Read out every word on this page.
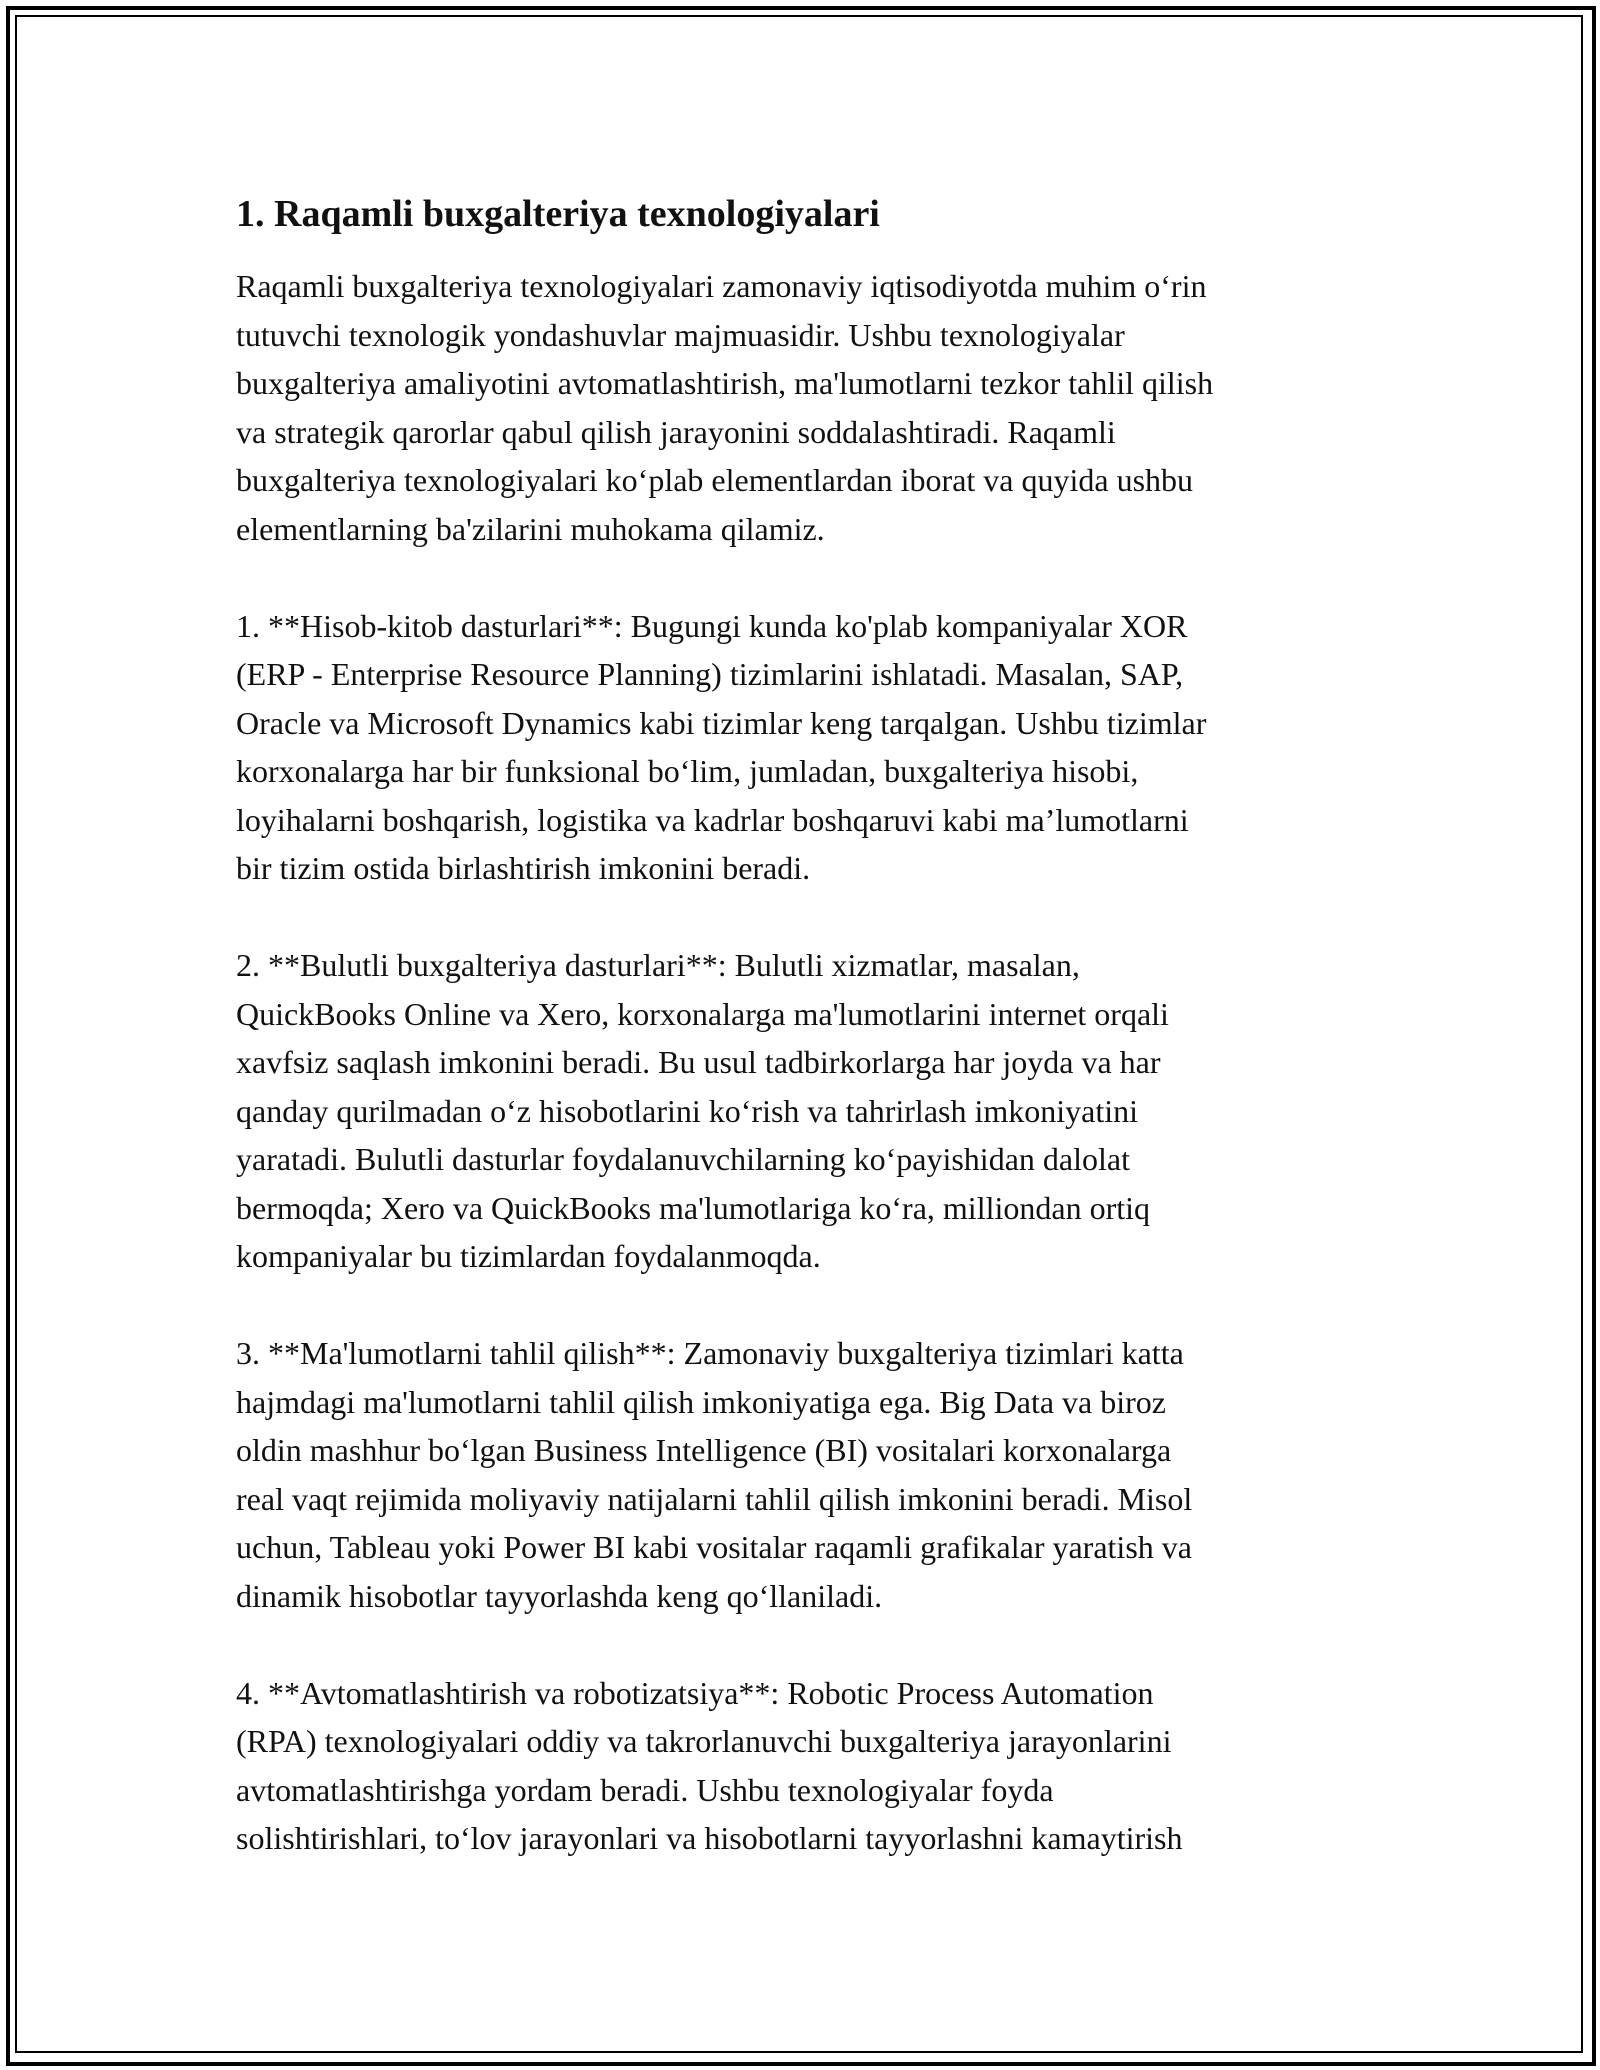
1. Raqamli buxgalteriya texnologiyalari
Raqamli buxgalteriya texnologiyalari zamonaviy iqtisodiyotda muhim o‘rin
tutuvchi texnologik yondashuvlar majmuasidir. Ushbu texnologiyalar
buxgalteriya amaliyotini avtomatlashtirish, ma'lumotlarni tezkor tahlil qilish
va strategik qarorlar qabul qilish jarayonini soddalashtiradi. Raqamli
buxgalteriya texnologiyalari ko‘plab elementlardan iborat va quyida ushbu
elementlarning ba'zilarini muhokama qilamiz.
1. **Hisob-kitob dasturlari**: Bugungi kunda ko'plab kompaniyalar XOR
(ERP - Enterprise Resource Planning) tizimlarini ishlatadi. Masalan, SAP,
Oracle va Microsoft Dynamics kabi tizimlar keng tarqalgan. Ushbu tizimlar
korxonalarga har bir funksional bo‘lim, jumladan, buxgalteriya hisobi,
loyihalarni boshqarish, logistika va kadrlar boshqaruvi kabi ma’lumotlarni
bir tizim ostida birlashtirish imkonini beradi.
2. **Bulutli buxgalteriya dasturlari**: Bulutli xizmatlar, masalan,
QuickBooks Online va Xero, korxonalarga ma'lumotlarini internet orqali
xavfsiz saqlash imkonini beradi. Bu usul tadbirkorlarga har joyda va har
qanday qurilmadan o‘z hisobotlarini ko‘rish va tahrirlash imkoniyatini
yaratadi. Bulutli dasturlar foydalanuvchilarning ko‘payishidan dalolat
bermoqda; Xero va QuickBooks ma'lumotlariga ko‘ra, milliondan ortiq
kompaniyalar bu tizimlardan foydalanmoqda.
3. **Ma'lumotlarni tahlil qilish**: Zamonaviy buxgalteriya tizimlari katta
hajmdagi ma'lumotlarni tahlil qilish imkoniyatiga ega. Big Data va biroz
oldin mashhur bo‘lgan Business Intelligence (BI) vositalari korxonalarga
real vaqt rejimida moliyaviy natijalarni tahlil qilish imkonini beradi. Misol
uchun, Tableau yoki Power BI kabi vositalar raqamli grafikalar yaratish va
dinamik hisobotlar tayyorlashda keng qo‘llaniladi.
4. **Avtomatlashtirish va robotizatsiya**: Robotic Process Automation
(RPA) texnologiyalari oddiy va takrorlanuvchi buxgalteriya jarayonlarini
avtomatlashtirishga yordam beradi. Ushbu texnologiyalar foyda
solishtirishlari, to‘lov jarayonlari va hisobotlarni tayyorlashni kamaytirish
